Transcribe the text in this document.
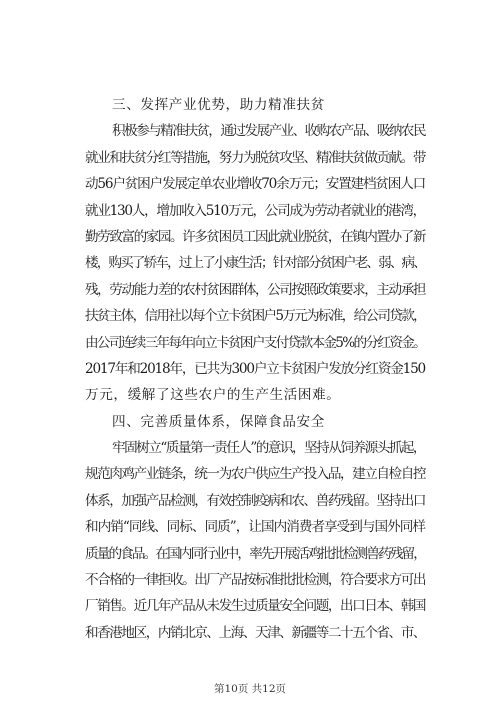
三、发挥产业优势，助力精准扶贫

积极参与精准扶贫，通过发展产业、收购农产品、吸纳农民

就业和扶贫分红等措施，努力为脱贫攻坚、精准扶贫做贡献。带

动56户贫困户发展定单农业增收70余万元；安置建档贫困人口

就业130人，增加收入510万元，公司成为劳动者就业的港湾，

勤劳致富的家园。许多贫困员工因此就业脱贫，在镇内置办了新

楼，购买了轿车，过上了小康生活；针对部分贫困户老、弱、病、

残，劳动能力差的农村贫困群体，公司按照政策要求，主动承担

扶贫主体，信用社以每个立卡贫困户5万元为标准，给公司贷款，

由公司连续三年每年向立卡贫困户支付贷款本金5%的分红资金。

2017年和2018年，已共为300户立卡贫困户发放分红资金150

万元，缓解了这些农户的生产生活困难。

四、完善质量体系，保障食品安全

牢固树立“质量第一责任人”的意识，坚持从饲养源头抓起，

规范肉鸡产业链条，统一为农户供应生产投入品，建立自检自控

体系，加强产品检测，有效控制疫病和农、兽药残留。坚持出口

和内销“同线、同标、同质”，让国内消费者享受到与国外同样

质量的食品。在国内同行业中，率先开展活鸡批批检测兽药残留，

不合格的一律拒收。出厂产品按标准批批检测，符合要求方可出

厂销售。近几年产品从未发生过质量安全问题，出口日本、韩国

和香港地区，内销北京、上海、天津、新疆等二十五个省、市、

第10页 共12页
